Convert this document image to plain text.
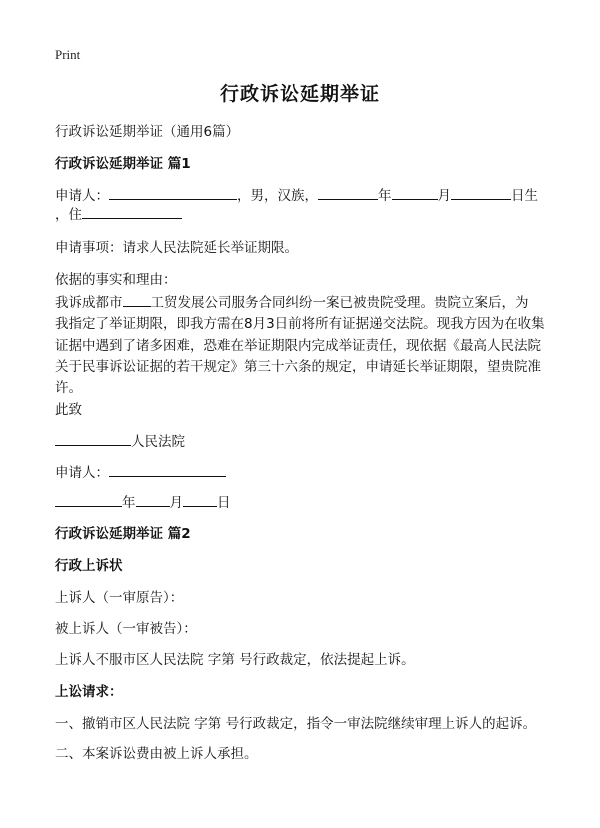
Print
行政诉讼延期举证
行政诉讼延期举证（通用6篇）
行政诉讼延期举证 篇1
申请人：	，男，汉族，	年	月	日生
，住
申请事项：请求人民法院延长举证期限。
依据的事实和理由：
我诉成都市 工贸发展公司服务合同纠纷一案已被贵院受理。贵院立案后，为
我指定了举证期限，即我方需在8月3日前将所有证据递交法院。现我方因为在收集
证据中遇到了诸多困难，恐难在举证期限内完成举证责任，现依据《最高人民法院
关于民事诉讼证据的若干规定》第三十六条的规定，申请延长举证期限，望贵院准
许。
此致
人民法院
申请人：
年	月	日
行政诉讼延期举证 篇2
行政上诉状
上诉人（一审原告）：
被上诉人（一审被告）：
上诉人不服市区人民法院 字第 号行政裁定，依法提起上诉。
上讼请求：
一、撤销市区人民法院 字第 号行政裁定，指令一审法院继续审理上诉人的起诉。
二、本案诉讼费由被上诉人承担。
